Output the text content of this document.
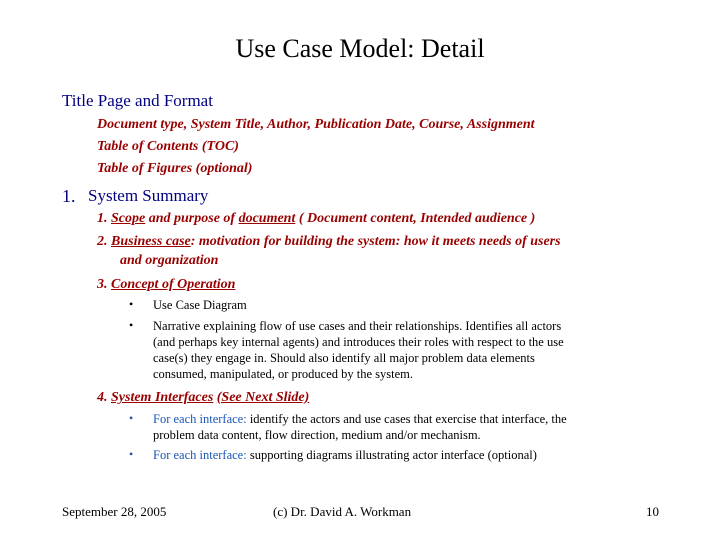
Use Case Model: Detail
Title Page and Format
Document type, System Title, Author, Publication Date, Course, Assignment
Table of Contents (TOC)
Table of Figures (optional)
1. System Summary
1. Scope and purpose of document ( Document content, Intended audience )
2. Business case: motivation for building the system: how it meets needs of users
and organization
3. Concept of Operation
• Use Case Diagram
• Narrative explaining flow of use cases and their relationships. Identifies all actors
(and perhaps key internal agents) and introduces their roles with respect to the use
case(s) they engage in. Should also identify all major problem data elements
consumed, manipulated, or produced by the system.
4. System Interfaces (See Next Slide)
• For each interface: identify the actors and use cases that exercise that interface, the
problem data content, flow direction, medium and/or mechanism.
• For each interface: supporting diagrams illustrating actor interface (optional)
September 28, 2005	(c) Dr. David A. Workman	10
